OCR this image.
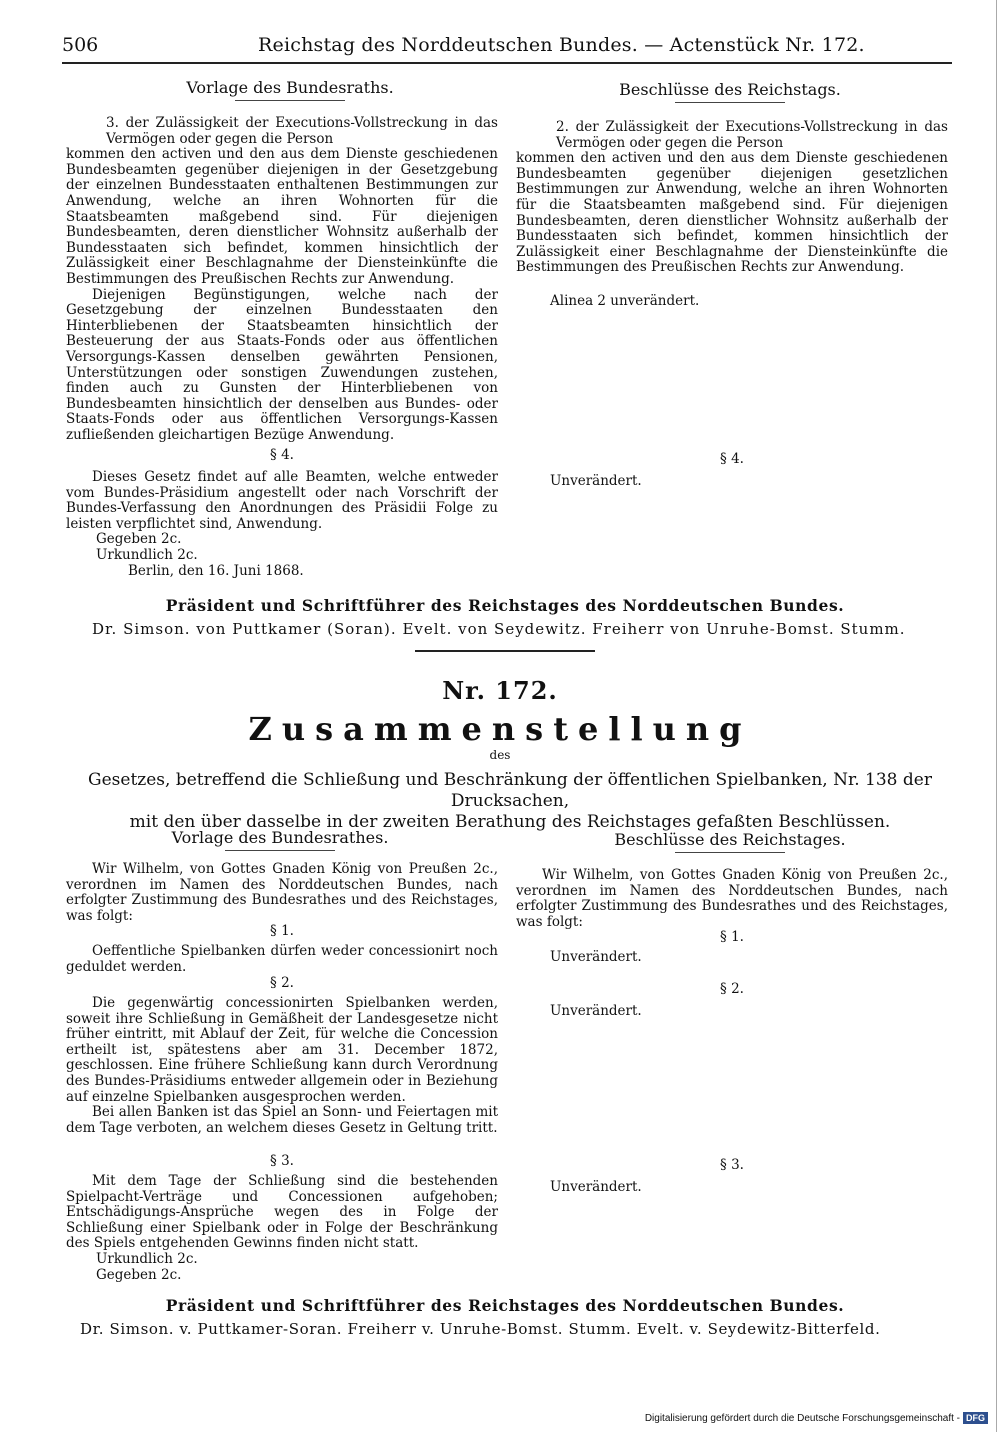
506	Reichstag des Norddeutschen Bundes. — Actenstück Nr. 172.
Vorlage des Bundesraths.

3. der Zulässigkeit der Executions-Vollstreckung in das Vermögen oder gegen die Person

kommen den activen und den aus dem Dienste geschiedenen Bundesbeamten gegenüber diejenigen in der Gesetzgebung der einzelnen Bundesstaaten enthaltenen Bestimmungen zur Anwendung, welche an ihren Wohnorten für die Staatsbeamten maßgebend sind. Für diejenigen Bundesbeamten, deren dienstlicher Wohnsitz außerhalb der Bundesstaaten sich befindet, kommen hinsichtlich der Zulässigkeit einer Beschlagnahme der Diensteinkünfte die Bestimmungen des Preußischen Rechts zur Anwendung.

Diejenigen Begünstigungen, welche nach der Gesetzgebung der einzelnen Bundesstaaten den Hinterbliebenen der Staatsbeamten hinsichtlich der Besteuerung der aus Staats-Fonds oder aus öffentlichen Versorgungs-Kassen denselben gewährten Pensionen, Unterstützungen oder sonstigen Zuwendungen zustehen, finden auch zu Gunsten der Hinterbliebenen von Bundesbeamten hinsichtlich der denselben aus Bundes- oder Staats-Fonds oder aus öffentlichen Versorgungs-Kassen zufließenden gleichartigen Bezüge Anwendung.

§ 4.

Dieses Gesetz findet auf alle Beamten, welche entweder vom Bundes-Präsidium angestellt oder nach Vorschrift der Bundes-Verfassung den Anordnungen des Präsidii Folge zu leisten verpflichtet sind, Anwendung.

Gegeben 2c.

Urkundlich 2c.

Berlin, den 16. Juni 1868.

Beschlüsse des Reichstags.

2. der Zulässigkeit der Executions-Vollstreckung in das Vermögen oder gegen die Person

kommen den activen und den aus dem Dienste geschiedenen Bundesbeamten gegenüber diejenigen gesetzlichen Bestimmungen zur Anwendung, welche an ihren Wohnorten für die Staatsbeamten maßgebend sind. Für diejenigen Bundesbeamten, deren dienstlicher Wohnsitz außerhalb der Bundesstaaten sich befindet, kommen hinsichtlich der Zulässigkeit einer Beschlagnahme der Diensteinkünfte die Bestimmungen des Preußischen Rechts zur Anwendung.

Alinea 2 unverändert.
§ 4.
Unverändert.
Präsident und Schriftführer des Reichstages des Norddeutschen Bundes.
Dr. Simson. von Puttkamer (Soran). Evelt. von Seydewitz. Freiherr von Unruhe-Bomst. Stumm.
Nr. 172.
Zusammenstellung
des
Gesetzes, betreffend die Schließung und Beschränkung der öffentlichen Spielbanken, Nr. 138 der Drucksachen,
mit den über dasselbe in der zweiten Berathung des Reichstages gefaßten Beschlüssen.
Vorlage des Bundesrathes.

Wir Wilhelm, von Gottes Gnaden König von Preußen 2c., verordnen im Namen des Norddeutschen Bundes, nach erfolgter Zustimmung des Bundesrathes und des Reichstages, was folgt:

§ 1.

Oeffentliche Spielbanken dürfen weder concessionirt noch geduldet werden.

§ 2.

Die gegenwärtig concessionirten Spielbanken werden, soweit ihre Schließung in Gemäßheit der Landesgesetze nicht früher eintritt, mit Ablauf der Zeit, für welche die Concession ertheilt ist, spätestens aber am 31. December 1872, geschlossen. Eine frühere Schließung kann durch Verordnung des Bundes-Präsidiums entweder allgemein oder in Beziehung auf einzelne Spielbanken ausgesprochen werden.

Bei allen Banken ist das Spiel an Sonn- und Feiertagen mit dem Tage verboten, an welchem dieses Gesetz in Geltung tritt.

§ 3.

Mit dem Tage der Schließung sind die bestehenden Spielpacht-Verträge und Concessionen aufgehoben; Entschädigungs-Ansprüche wegen des in Folge der Schließung einer Spielbank oder in Folge der Beschränkung des Spiels entgehenden Gewinns finden nicht statt.

Urkundlich 2c.

Gegeben 2c.

Beschlüsse des Reichstages.

Wir Wilhelm, von Gottes Gnaden König von Preußen 2c., verordnen im Namen des Norddeutschen Bundes, nach erfolgter Zustimmung des Bundesrathes und des Reichstages, was folgt:

§ 1.
Unverändert.
§ 2.
Unverändert.
§ 3.
Unverändert.
Präsident und Schriftführer des Reichstages des Norddeutschen Bundes.
Dr. Simson. v. Puttkamer-Soran. Freiherr v. Unruhe-Bomst. Stumm. Evelt. v. Seydewitz-Bitterfeld.
Digitalisierung gefördert durch die Deutsche Forschungsgemeinschaft - DFG
